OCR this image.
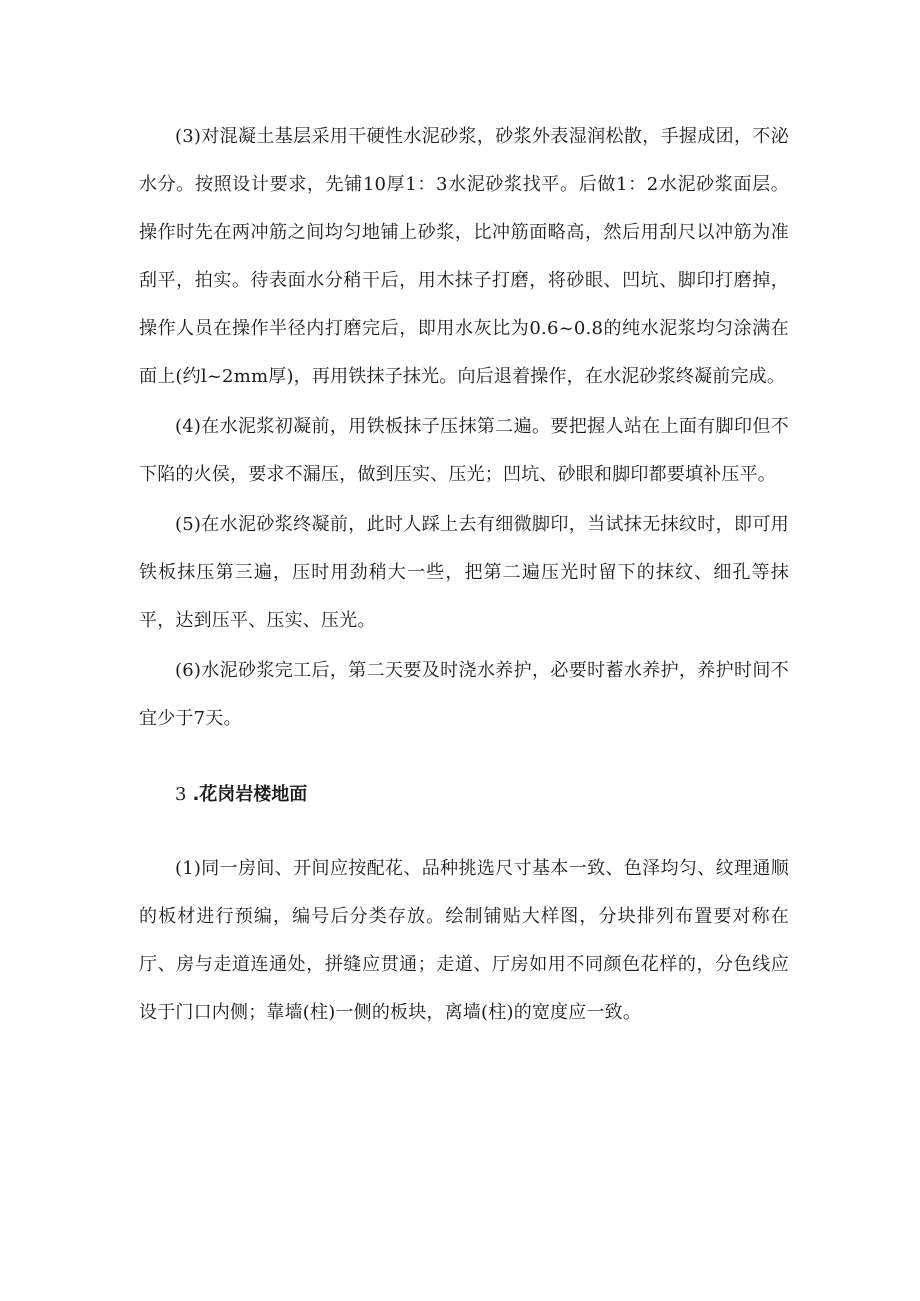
(3)对混凝土基层采用干硬性水泥砂浆，砂浆外表湿润松散，手握成团，不泌水分。按照设计要求，先铺10厚1：3水泥砂浆找平。后做1：2水泥砂浆面层。操作时先在两冲筋之间均匀地铺上砂浆，比冲筋面略高，然后用刮尺以冲筋为准刮平，拍实。待表面水分稍干后，用木抹子打磨，将砂眼、凹坑、脚印打磨掉，操作人员在操作半径内打磨完后，即用水灰比为0.6~0.8的纯水泥浆均匀涂满在面上(约l~2mm厚)，再用铁抹子抹光。向后退着操作，在水泥砂浆终凝前完成。

(4)在水泥浆初凝前，用铁板抹子压抹第二遍。要把握人站在上面有脚印但不下陷的火侯，要求不漏压，做到压实、压光；凹坑、砂眼和脚印都要填补压平。

(5)在水泥砂浆终凝前，此时人踩上去有细微脚印，当试抹无抹纹时，即可用铁板抹压第三遍，压时用劲稍大一些，把第二遍压光时留下的抹纹、细孔等抹平，达到压平、压实、压光。

(6)水泥砂浆完工后，第二天要及时浇水养护，必要时蓄水养护，养护时间不宜少于7天。

3 .花岗岩楼地面

(1)同一房间、开间应按配花、品种挑选尺寸基本一致、色泽均匀、纹理通顺的板材进行预编，编号后分类存放。绘制铺贴大样图，分块排列布置要对称在厅、房与走道连通处，拼缝应贯通；走道、厅房如用不同颜色花样的，分色线应设于门口内侧；靠墙(柱)一侧的板块，离墙(柱)的宽度应一致。
